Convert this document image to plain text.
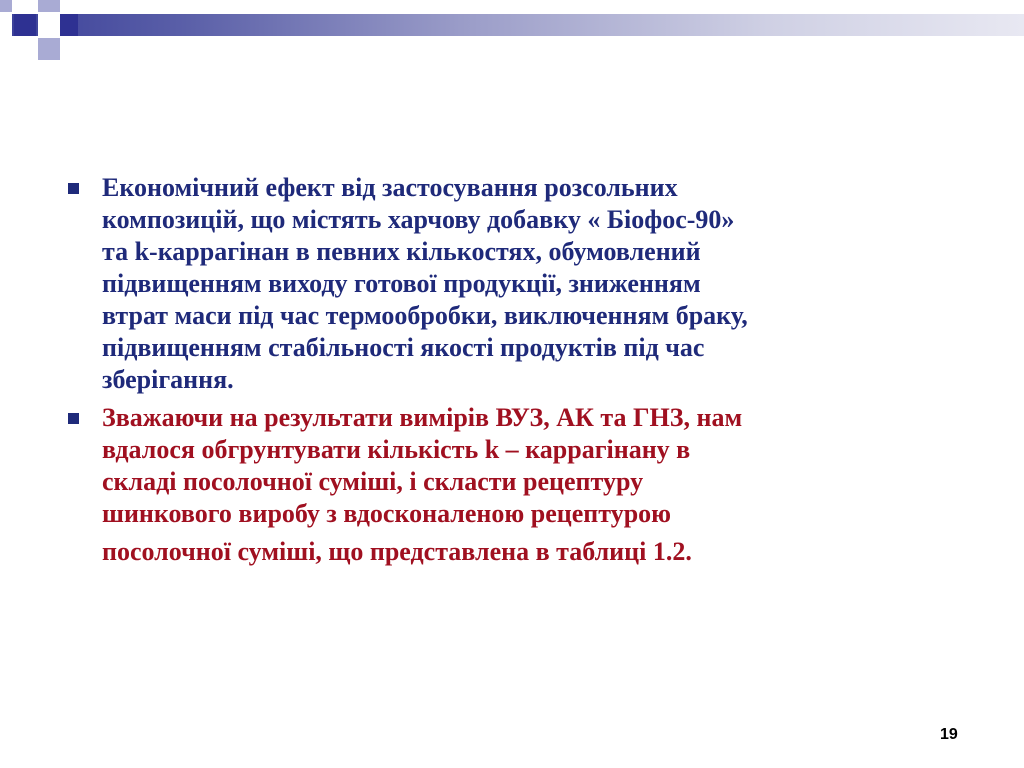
Економічний ефект від застосування розсольних
композицій, що містять харчову добавку « Біофос-90»
та k-каррагінан в певних кількостях, обумовлений
підвищенням виходу готової продукції, зниженням
втрат маси під час термообробки, виключенням браку,
підвищенням стабільності якості продуктів під час
зберігання.
Зважаючи на результати вимірів ВУЗ, АК та ГНЗ, нам
вдалося обгрунтувати кількість k – каррагінану в
складі посолочної суміші, і скласти рецептуру
шинкового виробу з вдосконаленою рецептурою
посолочної суміші, що представлена в таблиці 1.2.
19
